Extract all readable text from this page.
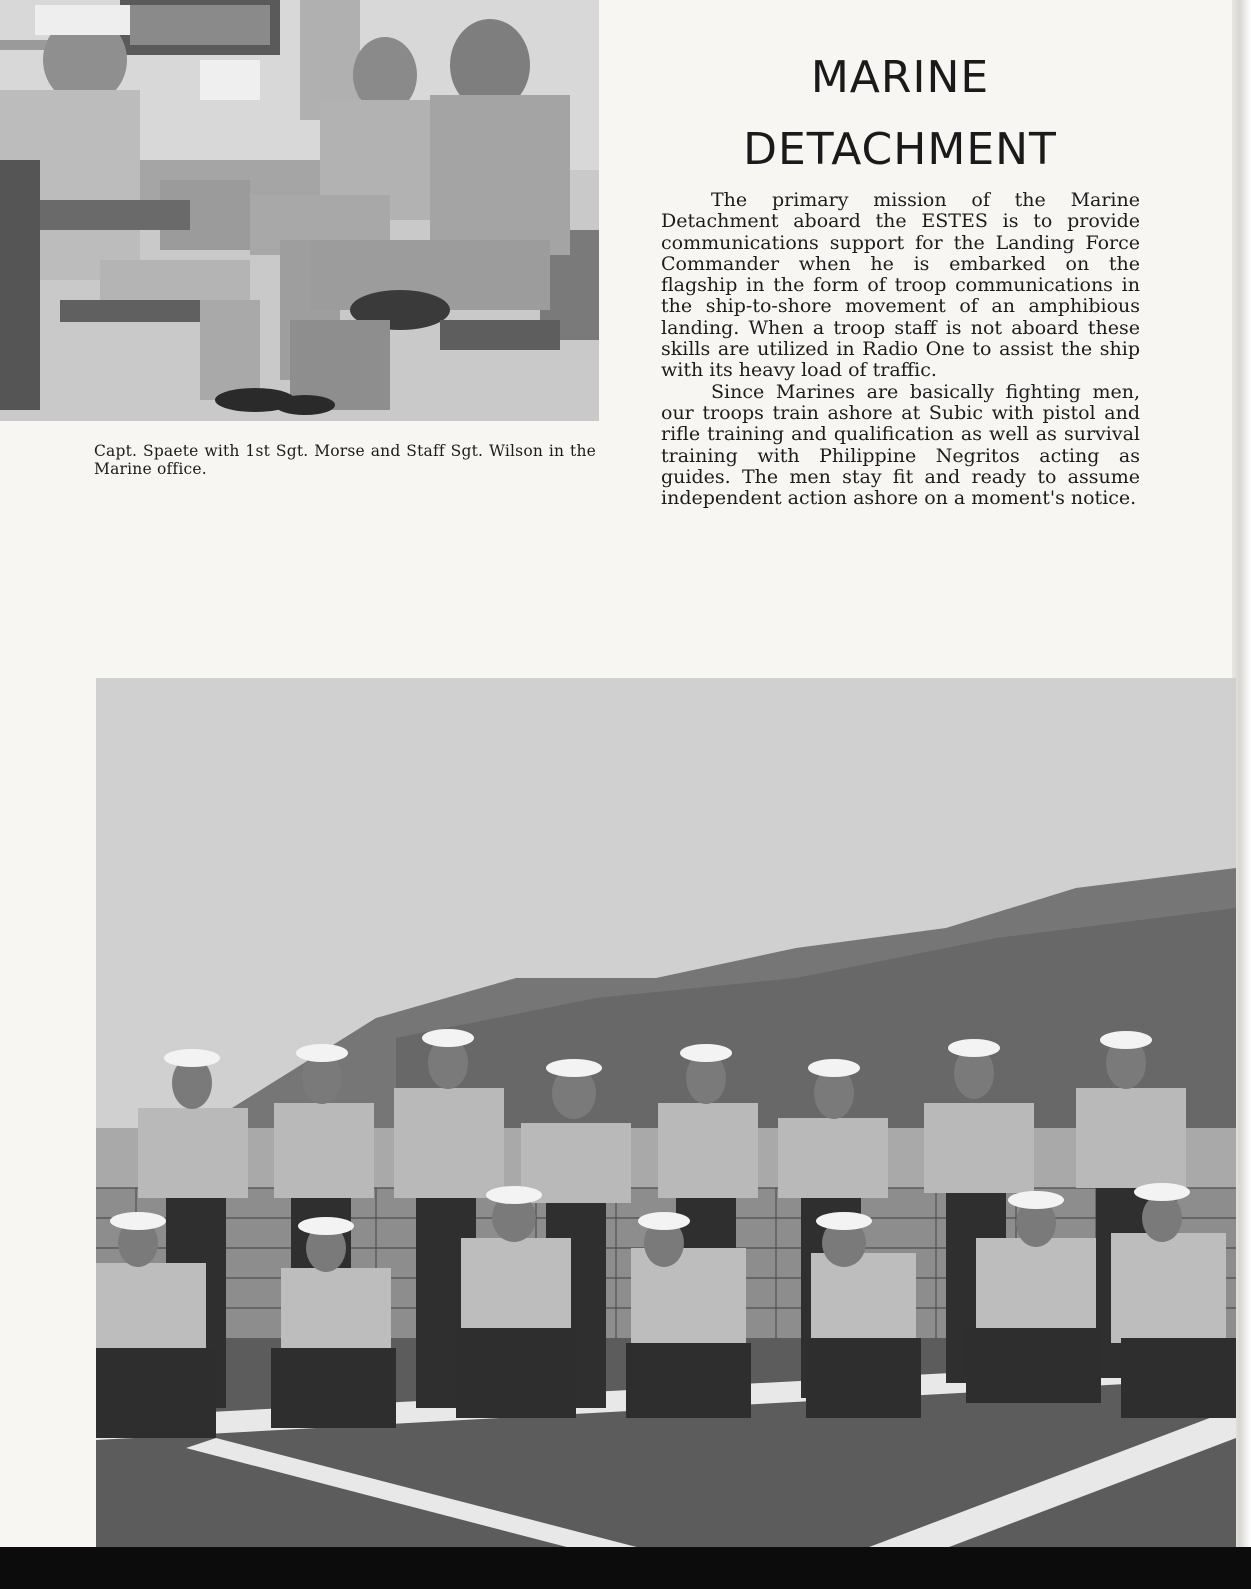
Capt. Spaete with 1st Sgt. Morse and Staff Sgt. Wilson in the Marine office.
MARINE
DETACHMENT

The primary mission of the Marine Detachment aboard the ESTES is to provide communications support for the Landing Force Commander when he is embarked on the flagship in the form of troop communications in the ship-to-shore movement of an amphibious landing. When a troop staff is not aboard these skills are utilized in Radio One to assist the ship with its heavy load of traffic.

Since Marines are basically fighting men, our troops train ashore at Subic with pistol and rifle training and qualification as well as survival training with Philippine Negritos acting as guides. The men stay fit and ready to assume independent action ashore on a moment's notice.
